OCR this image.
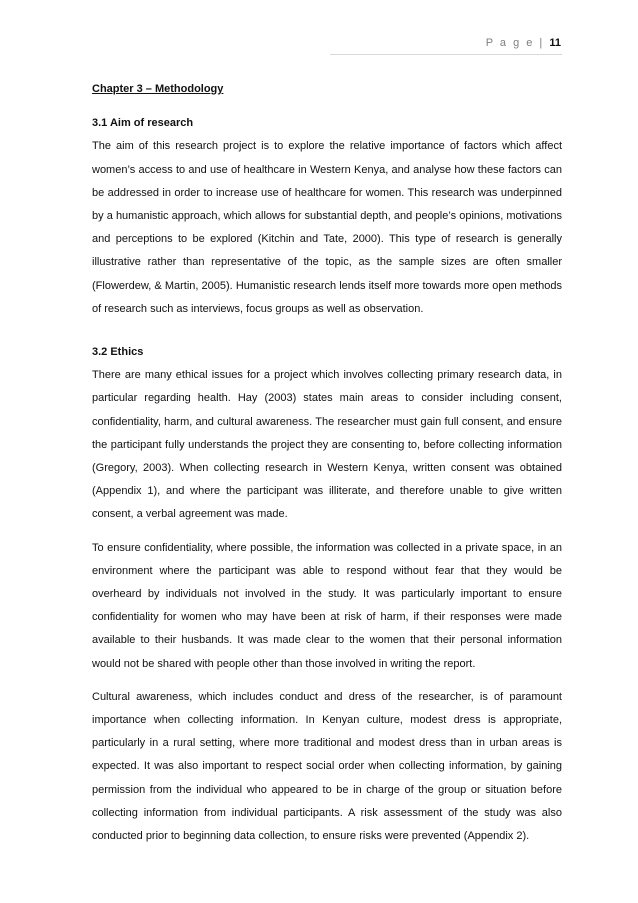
P a g e | 11
Chapter 3 – Methodology
3.1 Aim of research

The aim of this research project is to explore the relative importance of factors which affect women’s access to and use of healthcare in Western Kenya, and analyse how these factors can be addressed in order to increase use of healthcare for women. This research was underpinned by a humanistic approach, which allows for substantial depth, and people’s opinions, motivations and perceptions to be explored (Kitchin and Tate, 2000). This type of research is generally illustrative rather than representative of the topic, as the sample sizes are often smaller (Flowerdew, & Martin, 2005). Humanistic research lends itself more towards more open methods of research such as interviews, focus groups as well as observation.

3.2 Ethics

There are many ethical issues for a project which involves collecting primary research data, in particular regarding health. Hay (2003) states main areas to consider including consent, confidentiality, harm, and cultural awareness. The researcher must gain full consent, and ensure the participant fully understands the project they are consenting to, before collecting information (Gregory, 2003). When collecting research in Western Kenya, written consent was obtained (Appendix 1), and where the participant was illiterate, and therefore unable to give written consent, a verbal agreement was made.

To ensure confidentiality, where possible, the information was collected in a private space, in an environment where the participant was able to respond without fear that they would be overheard by individuals not involved in the study. It was particularly important to ensure confidentiality for women who may have been at risk of harm, if their responses were made available to their husbands. It was made clear to the women that their personal information would not be shared with people other than those involved in writing the report.

Cultural awareness, which includes conduct and dress of the researcher, is of paramount importance when collecting information. In Kenyan culture, modest dress is appropriate, particularly in a rural setting, where more traditional and modest dress than in urban areas is expected. It was also important to respect social order when collecting information, by gaining permission from the individual who appeared to be in charge of the group or situation before collecting information from individual participants. A risk assessment of the study was also conducted prior to beginning data collection, to ensure risks were prevented (Appendix 2).
